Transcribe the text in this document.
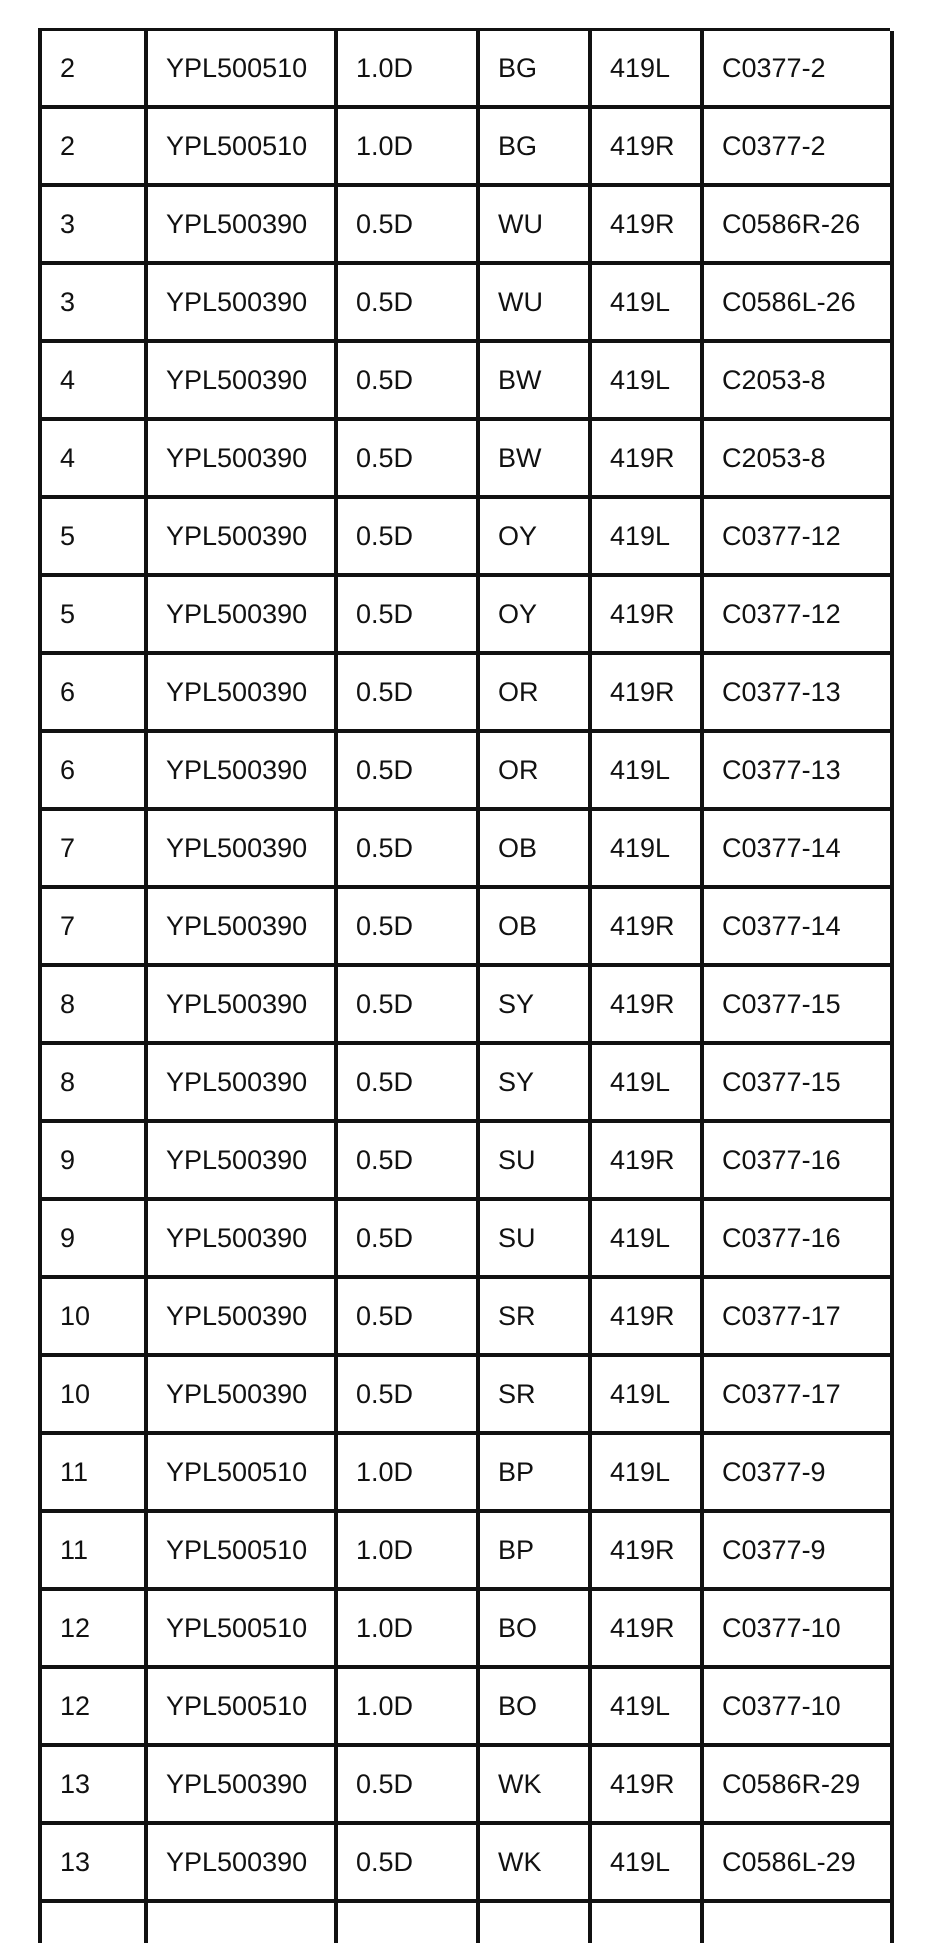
2	YPL500510	1.0D	BG	419L	C0377-2
2	YPL500510	1.0D	BG	419R	C0377-2
3	YPL500390	0.5D	WU	419R	C0586R-26
3	YPL500390	0.5D	WU	419L	C0586L-26
4	YPL500390	0.5D	BW	419L	C2053-8
4	YPL500390	0.5D	BW	419R	C2053-8
5	YPL500390	0.5D	OY	419L	C0377-12
5	YPL500390	0.5D	OY	419R	C0377-12
6	YPL500390	0.5D	OR	419R	C0377-13
6	YPL500390	0.5D	OR	419L	C0377-13
7	YPL500390	0.5D	OB	419L	C0377-14
7	YPL500390	0.5D	OB	419R	C0377-14
8	YPL500390	0.5D	SY	419R	C0377-15
8	YPL500390	0.5D	SY	419L	C0377-15
9	YPL500390	0.5D	SU	419R	C0377-16
9	YPL500390	0.5D	SU	419L	C0377-16
10	YPL500390	0.5D	SR	419R	C0377-17
10	YPL500390	0.5D	SR	419L	C0377-17
11	YPL500510	1.0D	BP	419L	C0377-9
11	YPL500510	1.0D	BP	419R	C0377-9
12	YPL500510	1.0D	BO	419R	C0377-10
12	YPL500510	1.0D	BO	419L	C0377-10
13	YPL500390	0.5D	WK	419R	C0586R-29
13	YPL500390	0.5D	WK	419L	C0586L-29
